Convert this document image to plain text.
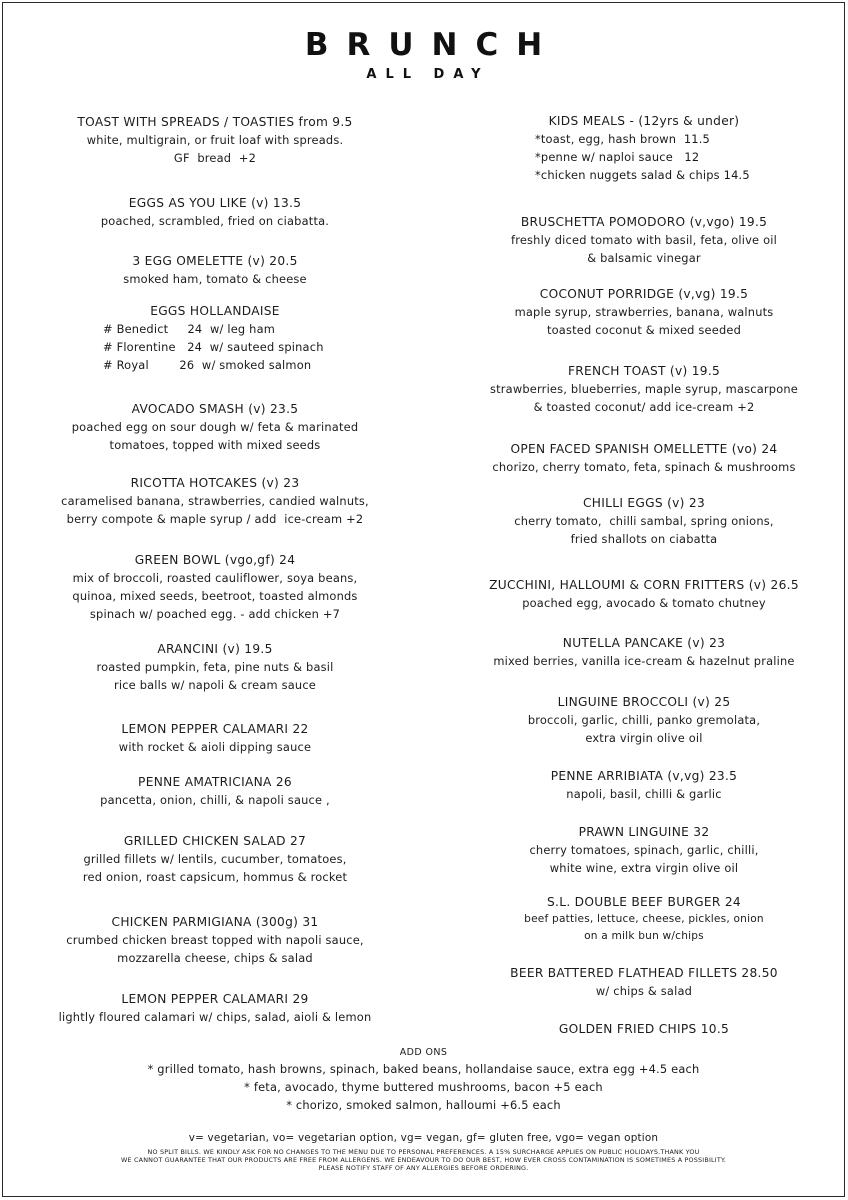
BRUNCH
ALL DAY
TOAST WITH SPREADS / TOASTIES from 9.5
white, multigrain, or fruit loaf with spreads.
GF  bread  +2
EGGS AS YOU LIKE (v) 13.5
poached, scrambled, fried on ciabatta.
3 EGG OMELETTE (v) 20.5
smoked ham, tomato & cheese
EGGS HOLLANDAISE
# Benedict     24  w/ leg ham
# Florentine   24  w/ sauteed spinach
# Royal        26  w/ smoked salmon
AVOCADO SMASH (v) 23.5
poached egg on sour dough w/ feta & marinated
tomatoes, topped with mixed seeds
RICOTTA HOTCAKES (v) 23
caramelised banana, strawberries, candied walnuts,
berry compote & maple syrup / add  ice-cream +2
GREEN BOWL (vgo,gf) 24
mix of broccoli, roasted cauliflower, soya beans,
quinoa, mixed seeds, beetroot, toasted almonds
spinach w/ poached egg. - add chicken +7
ARANCINI (v) 19.5
roasted pumpkin, feta, pine nuts & basil
rice balls w/ napoli & cream sauce
LEMON PEPPER CALAMARI 22
with rocket & aioli dipping sauce
PENNE AMATRICIANA 26
pancetta, onion, chilli, & napoli sauce ,
GRILLED CHICKEN SALAD 27
grilled fillets w/ lentils, cucumber, tomatoes,
red onion, roast capsicum, hommus & rocket
CHICKEN PARMIGIANA (300g) 31
crumbed chicken breast topped with napoli sauce,
mozzarella cheese, chips & salad
LEMON PEPPER CALAMARI 29
lightly floured calamari w/ chips, salad, aioli & lemon
KIDS MEALS - (12yrs & under)
*toast, egg, hash brown  11.5
*penne w/ naploi sauce   12
*chicken nuggets salad & chips 14.5
BRUSCHETTA POMODORO (v,vgo) 19.5
freshly diced tomato with basil, feta, olive oil
& balsamic vinegar
COCONUT PORRIDGE (v,vg) 19.5
maple syrup, strawberries, banana, walnuts
toasted coconut & mixed seeded
FRENCH TOAST (v) 19.5
strawberries, blueberries, maple syrup, mascarpone
& toasted coconut/ add ice-cream +2
OPEN FACED SPANISH OMELLETTE (vo) 24
chorizo, cherry tomato, feta, spinach & mushrooms
CHILLI EGGS (v) 23
cherry tomato,  chilli sambal, spring onions,
fried shallots on ciabatta
ZUCCHINI, HALLOUMI & CORN FRITTERS (v) 26.5
poached egg, avocado & tomato chutney
NUTELLA PANCAKE (v) 23
mixed berries, vanilla ice-cream & hazelnut praline
LINGUINE BROCCOLI (v) 25
broccoli, garlic, chilli, panko gremolata,
extra virgin olive oil
PENNE ARRIBIATA (v,vg) 23.5
napoli, basil, chilli & garlic
PRAWN LINGUINE 32
cherry tomatoes, spinach, garlic, chilli,
white wine, extra virgin olive oil
S.L. DOUBLE BEEF BURGER 24
beef patties, lettuce, cheese, pickles, onion
on a milk bun w/chips
BEER BATTERED FLATHEAD FILLETS 28.50
w/ chips & salad
GOLDEN FRIED CHIPS 10.5
ADD ONS
* grilled tomato, hash browns, spinach, baked beans, hollandaise sauce, extra egg +4.5 each
* feta, avocado, thyme buttered mushrooms, bacon +5 each
* chorizo, smoked salmon, halloumi +6.5 each
v= vegetarian, vo= vegetarian option, vg= vegan, gf= gluten free, vgo= vegan option
NO SPLIT BILLS. WE KINDLY ASK FOR NO CHANGES TO THE MENU DUE TO PERSONAL PREFERENCES. A 15% SURCHARGE APPLIES ON PUBLIC HOLIDAYS.THANK YOU
WE CANNOT GUARANTEE THAT OUR PRODUCTS ARE FREE FROM ALLERGENS. WE ENDEAVOUR TO DO OUR BEST, HOW EVER CROSS CONTAMINATION IS SOMETIMES A POSSIBILITY.
PLEASE NOTIFY STAFF OF ANY ALLERGIES BEFORE ORDERING.
